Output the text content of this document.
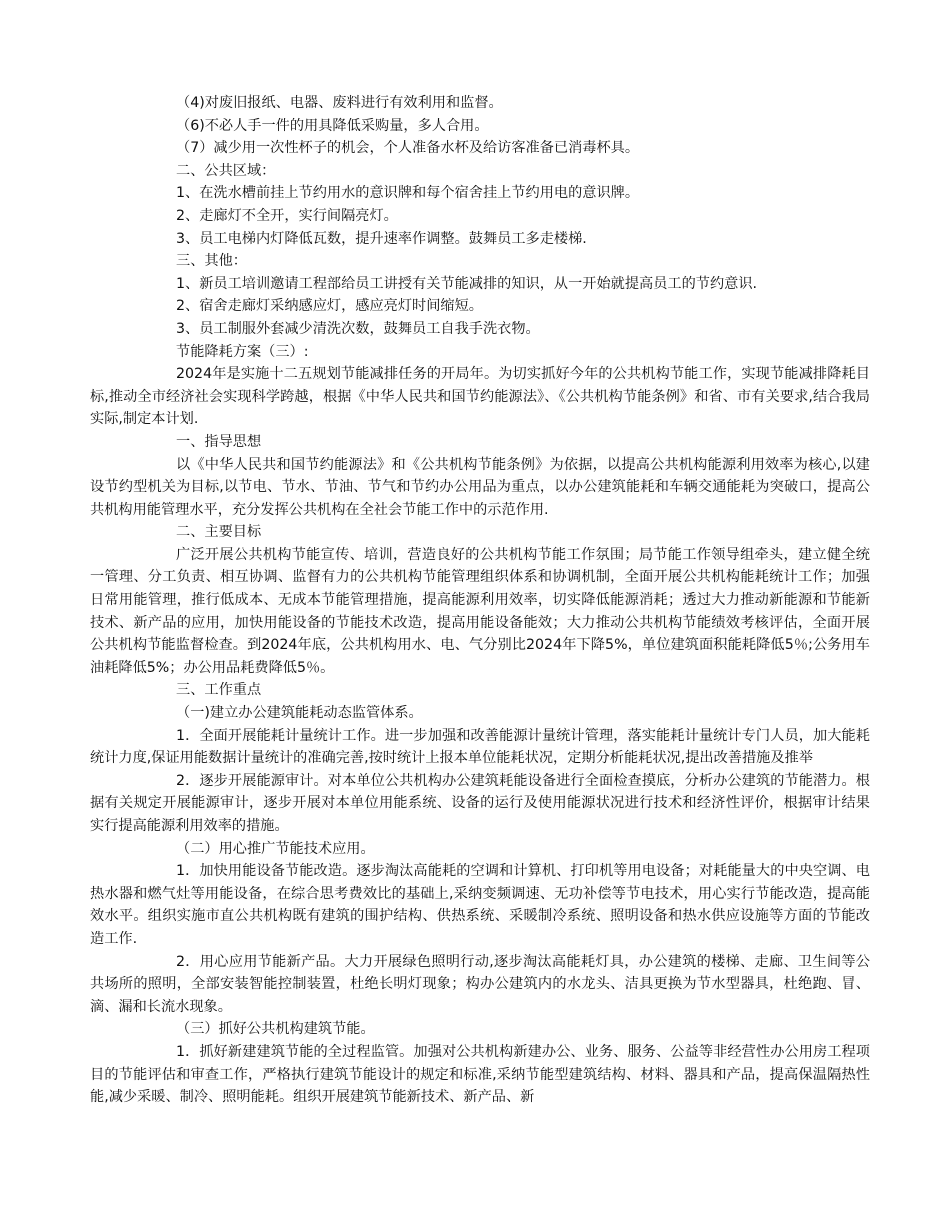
（4)对废旧报纸、电器、废料进行有效利用和监督。

（6)不必人手一件的用具降低采购量，多人合用。

（7）减少用一次性杯子的机会，个人准备水杯及给访客准备已消毒杯具。

二、公共区域：

1、在洗水槽前挂上节约用水的意识牌和每个宿舍挂上节约用电的意识牌。

2、走廊灯不全开，实行间隔亮灯。

3、员工电梯内灯降低瓦数，提升速率作调整。鼓舞员工多走楼梯.

三、其他：

1、新员工培训邀请工程部给员工讲授有关节能减排的知识，从一开始就提高员工的节约意识.

2、宿舍走廊灯采纳感应灯，感应亮灯时间缩短。

3、员工制服外套减少清洗次数，鼓舞员工自我手洗衣物。

节能降耗方案（三）:

2024年是实施十二五规划节能减排任务的开局年。为切实抓好今年的公共机构节能工作，实现节能减排降耗目标,推动全市经济社会实现科学跨越，根据《中华人民共和国节约能源法》、《公共机构节能条例》和省、市有关要求,结合我局实际,制定本计划.

一、指导思想

以《中华人民共和国节约能源法》和《公共机构节能条例》为依据，以提高公共机构能源利用效率为核心,以建设节约型机关为目标,以节电、节水、节油、节气和节约办公用品为重点，以办公建筑能耗和车辆交通能耗为突破口，提高公共机构用能管理水平，充分发挥公共机构在全社会节能工作中的示范作用.

二、主要目标

广泛开展公共机构节能宣传、培训，营造良好的公共机构节能工作氛围；局节能工作领导组牵头，建立健全统一管理、分工负责、相互协调、监督有力的公共机构节能管理组织体系和协调机制，全面开展公共机构能耗统计工作；加强日常用能管理，推行低成本、无成本节能管理措施，提高能源利用效率，切实降低能源消耗；透过大力推动新能源和节能新技术、新产品的应用，加快用能设备的节能技术改造，提高用能设备能效；大力推动公共机构节能绩效考核评估，全面开展公共机构节能监督检查。到2024年底，公共机构用水、电、气分别比2024年下降5%，单位建筑面积能耗降低5％;公务用车油耗降低5%；办公用品耗费降低5％。

三、工作重点

（一)建立办公建筑能耗动态监管体系。

1．全面开展能耗计量统计工作。进一步加强和改善能源计量统计管理，落实能耗计量统计专门人员，加大能耗统计力度,保证用能数据计量统计的准确完善,按时统计上报本单位能耗状况，定期分析能耗状况,提出改善措施及推举

2．逐步开展能源审计。对本单位公共机构办公建筑耗能设备进行全面检查摸底，分析办公建筑的节能潜力。根据有关规定开展能源审计，逐步开展对本单位用能系统、设备的运行及使用能源状况进行技术和经济性评价，根据审计结果实行提高能源利用效率的措施。

（二）用心推广节能技术应用。

1．加快用能设备节能改造。逐步淘汰高能耗的空调和计算机、打印机等用电设备；对耗能量大的中央空调、电热水器和燃气灶等用能设备，在综合思考费效比的基础上,采纳变频调速、无功补偿等节电技术，用心实行节能改造，提高能效水平。组织实施市直公共机构既有建筑的围护结构、供热系统、采暖制冷系统、照明设备和热水供应设施等方面的节能改造工作.

2．用心应用节能新产品。大力开展绿色照明行动,逐步淘汰高能耗灯具，办公建筑的楼梯、走廊、卫生间等公共场所的照明，全部安装智能控制装置，杜绝长明灯现象；构办公建筑内的水龙头、洁具更换为节水型器具，杜绝跑、冒、滴、漏和长流水现象。

（三）抓好公共机构建筑节能。

1．抓好新建建筑节能的全过程监管。加强对公共机构新建办公、业务、服务、公益等非经营性办公用房工程项目的节能评估和审查工作，严格执行建筑节能设计的规定和标准,采纳节能型建筑结构、材料、器具和产品，提高保温隔热性能,减少采暖、制冷、照明能耗。组织开展建筑节能新技术、新产品、新
